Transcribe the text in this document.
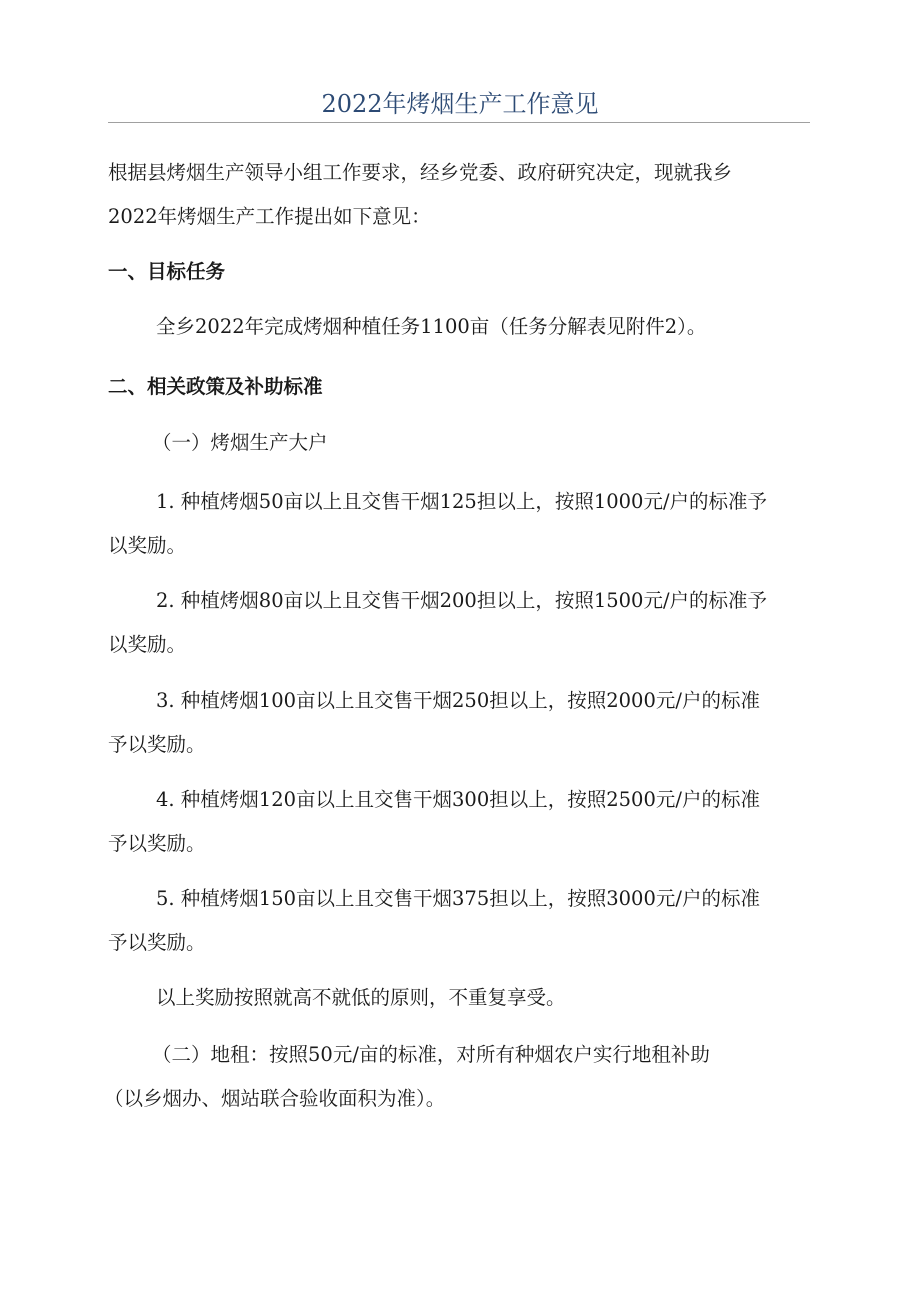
2022年烤烟生产工作意见
根据县烤烟生产领导小组工作要求，经乡党委、政府研究决定，现就我乡
2022年烤烟生产工作提出如下意见：
一、目标任务
全乡2022年完成烤烟种植任务1100亩（任务分解表见附件2）。
二、相关政策及补助标准
（一）烤烟生产大户
1. 种植烤烟50亩以上且交售干烟125担以上，按照1000元/户的标准予
以奖励。
2. 种植烤烟80亩以上且交售干烟200担以上，按照1500元/户的标准予
以奖励。
3. 种植烤烟100亩以上且交售干烟250担以上，按照2000元/户的标准
予以奖励。
4. 种植烤烟120亩以上且交售干烟300担以上，按照2500元/户的标准
予以奖励。
5. 种植烤烟150亩以上且交售干烟375担以上，按照3000元/户的标准
予以奖励。
以上奖励按照就高不就低的原则，不重复享受。
（二）地租：按照50元/亩的标准，对所有种烟农户实行地租补助
（以乡烟办、烟站联合验收面积为准）。
